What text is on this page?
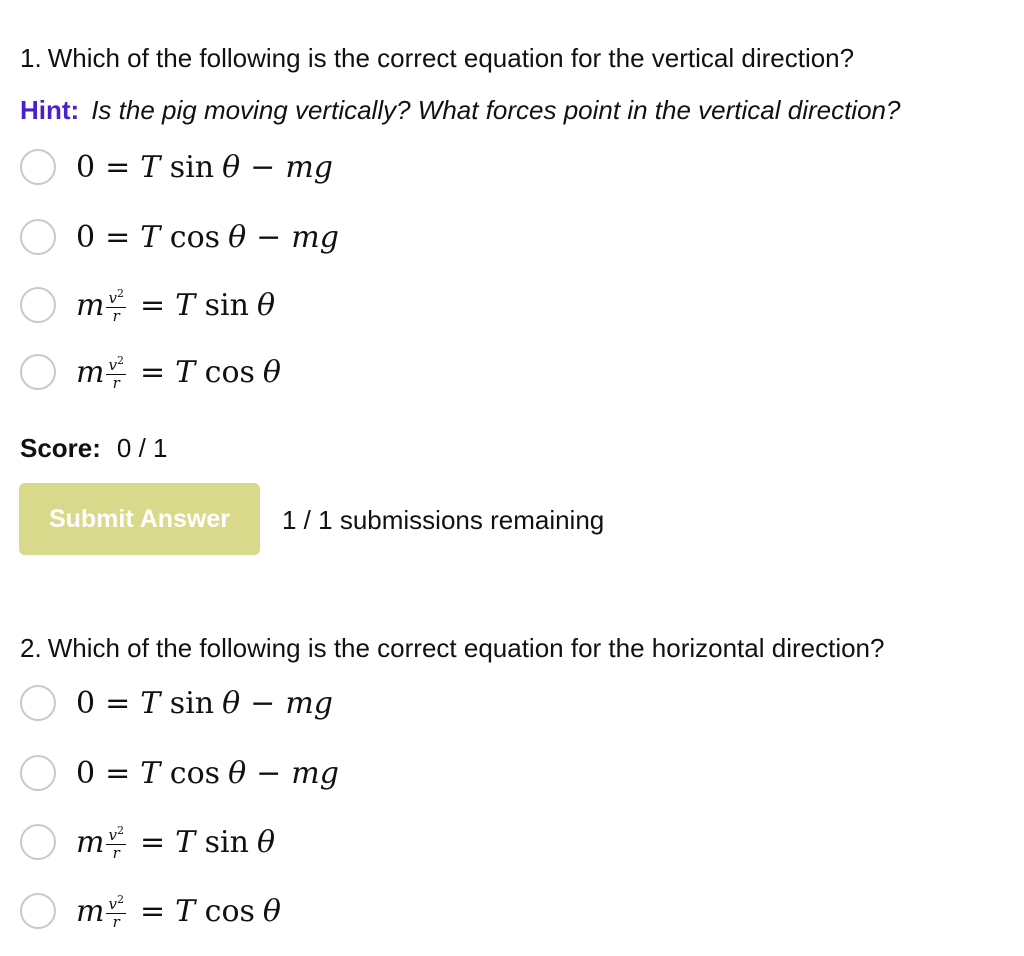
1. Which of the following is the correct equation for the vertical direction?
Hint: Is the pig moving vertically? What forces point in the vertical direction?
0 = T
sin θ − mg
0 = T
cos θ − mg
m $\frac{v^2}{r} = T$
sin θ
m $\frac{v^2}{r} = T$
cos θ
Score: 0 / 1
Submit Answer	1 / 1 submissions remaining
2. Which of the following is the correct equation for the horizontal direction?
0 = T
sin θ − mg
0 = T
cos θ − mg
m $\frac{v^2}{r} = T$
sin θ
m $\frac{v^2}{r} = T$
cos θ
